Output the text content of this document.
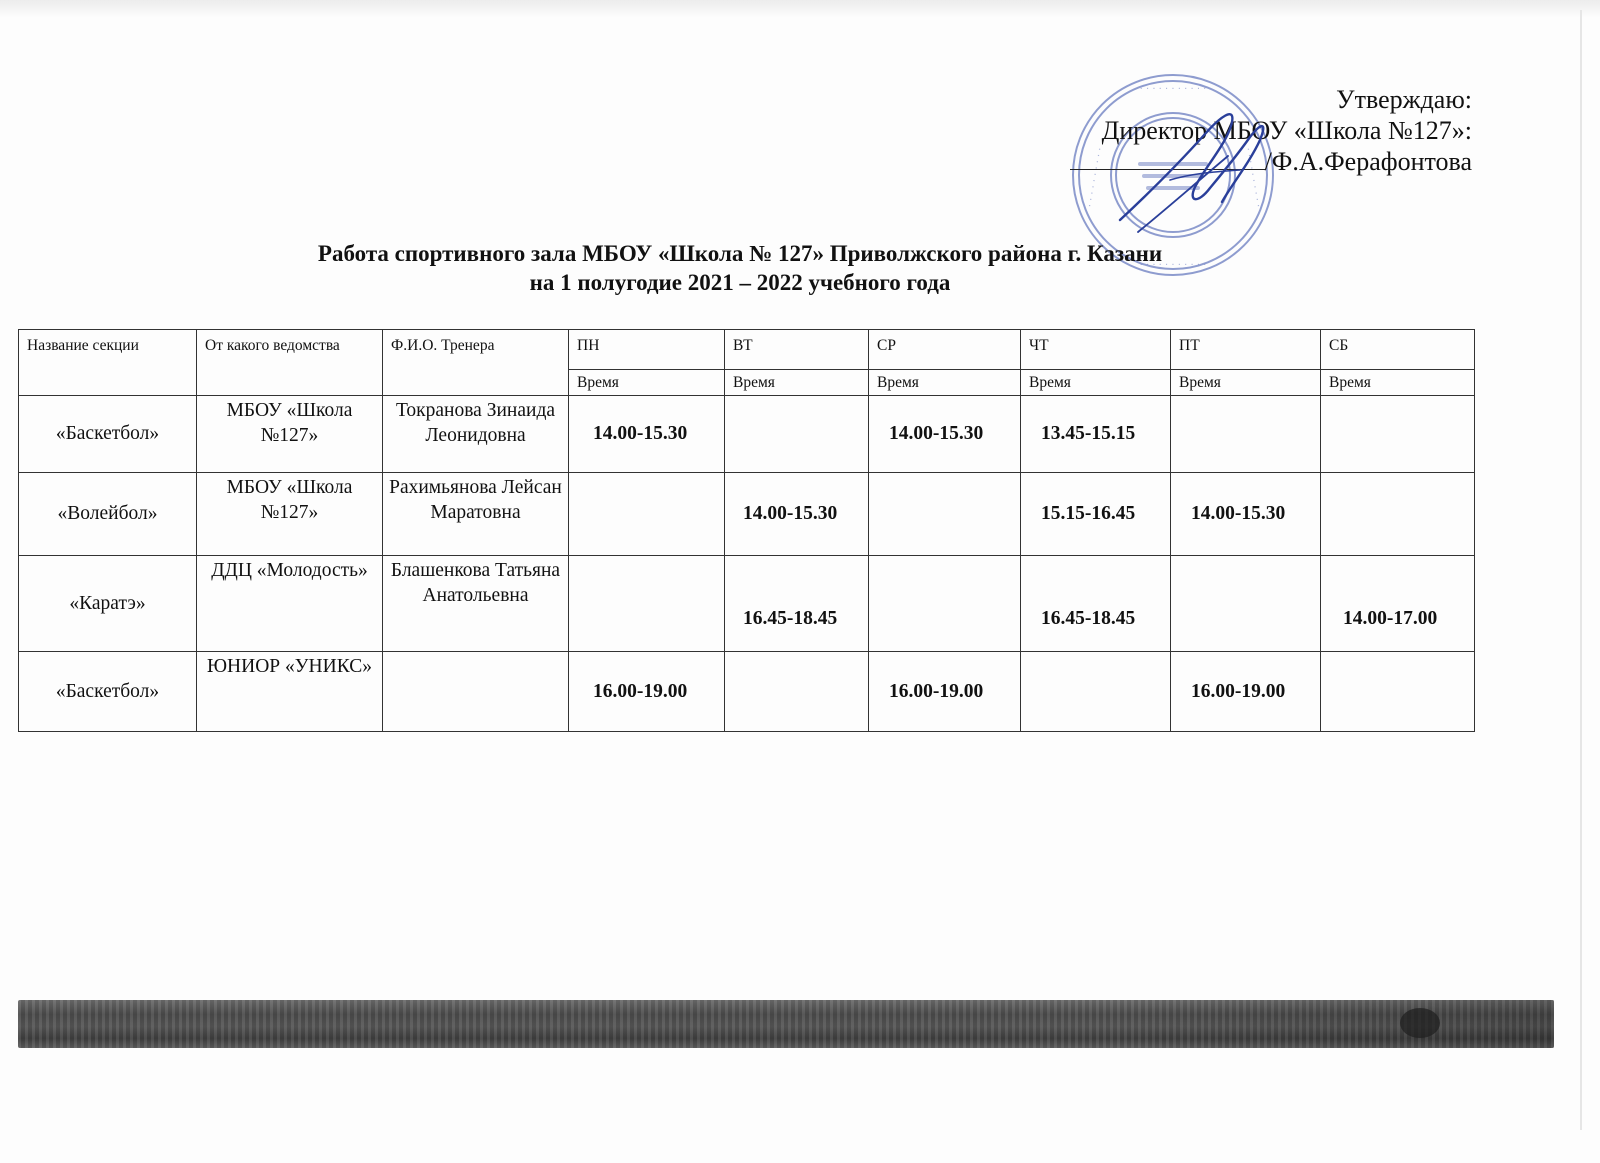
· · · · · · · · · · ·
· · · · · · · · · · ·
· · · · · · · · · ·	· · · · · · · · · ·
Утверждаю:
Директор МБОУ «Школа №127»:
/Ф.А.Ферафонтова
Работа спортивного зала МБОУ «Школа № 127» Приволжского района г. Казани
на 1 полугодие 2021 – 2022 учебного года
Название секции	От какого ведомства	Ф.И.О. Тренера	ПН	ВТ	СР	ЧТ	ПТ	СБ
			Время	Время	Время	Время	Время	Время
«Баскетбол»	МБОУ «Школа №127»	Токранова Зинаида Леонидовна	14.00-15.30		14.00-15.30	13.45-15.15		
«Волейбол»	МБОУ «Школа №127»	Рахимьянова Лейсан Маратовна		14.00-15.30		15.15-16.45	14.00-15.30	
«Каратэ»	ДДЦ «Молодость»	Блашенкова Татьяна Анатольевна		16.45-18.45		16.45-18.45		14.00-17.00
«Баскетбол»	ЮНИОР «УНИКС»		16.00-19.00		16.00-19.00		16.00-19.00	
